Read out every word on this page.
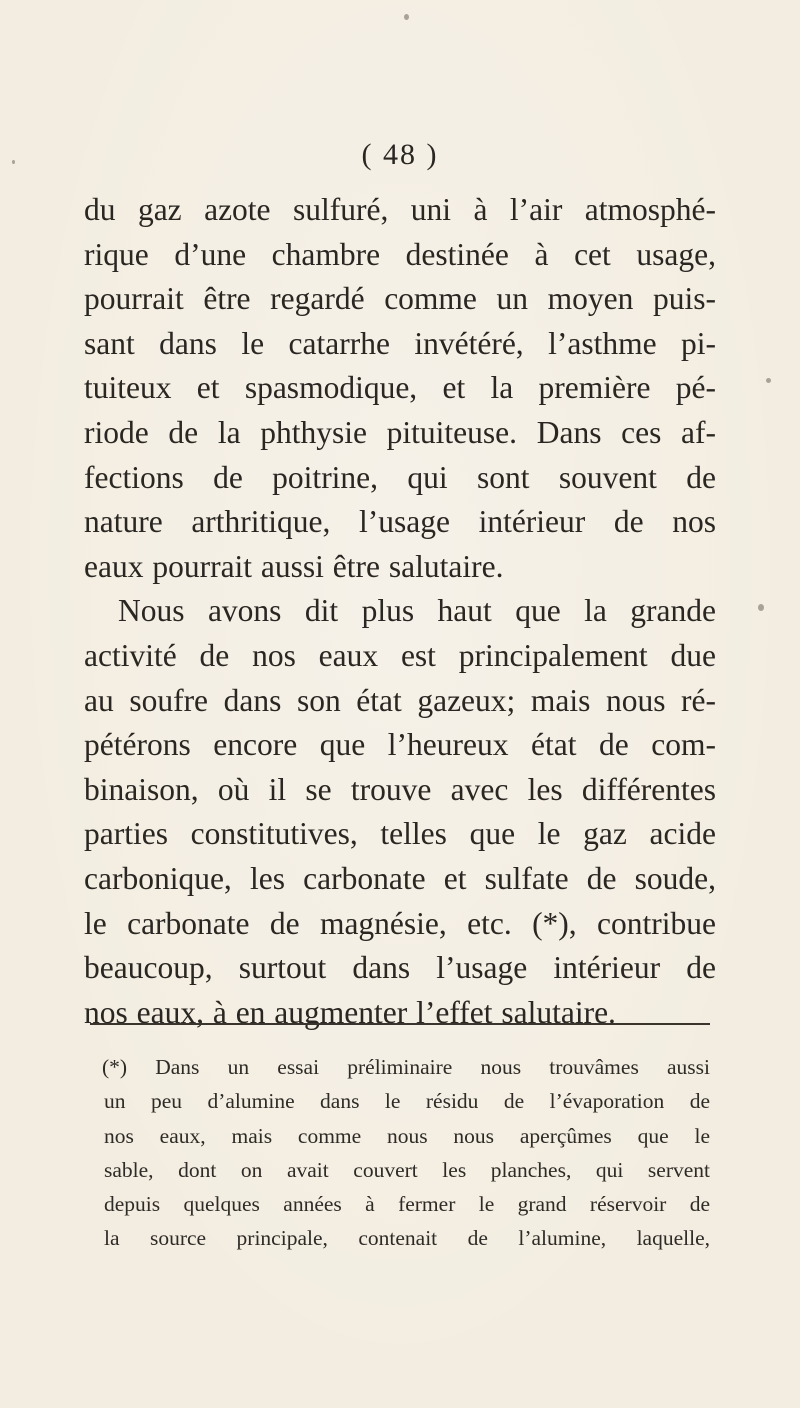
( 48 )
du gaz azote sulfuré, uni à l’air atmosphé-
rique d’une chambre destinée à cet usage,
pourrait être regardé comme un moyen puis-
sant dans le catarrhe invétéré, l’asthme pi-
tuiteux et spasmodique, et la première pé-
riode de la phthysie pituiteuse. Dans ces af-
fections de poitrine, qui sont souvent de
nature arthritique, l’usage intérieur de nos
eaux pourrait aussi être salutaire.
Nous avons dit plus haut que la grande
activité de nos eaux est principalement due
au soufre dans son état gazeux; mais nous ré-
pétérons encore que l’heureux état de com-
binaison, où il se trouve avec les différentes
parties constitutives, telles que le gaz acide
carbonique, les carbonate et sulfate de soude,
le carbonate de magnésie, etc. (*), contribue
beaucoup, surtout dans l’usage intérieur de
nos eaux, à en augmenter l’effet salutaire.
(*) Dans un essai préliminaire nous trouvâmes aussi
un peu d’alumine dans le résidu de l’évaporation de
nos eaux, mais comme nous nous aperçûmes que le
sable, dont on avait couvert les planches, qui servent
depuis quelques années à fermer le grand réservoir de
la source principale, contenait de l’alumine, laquelle,
